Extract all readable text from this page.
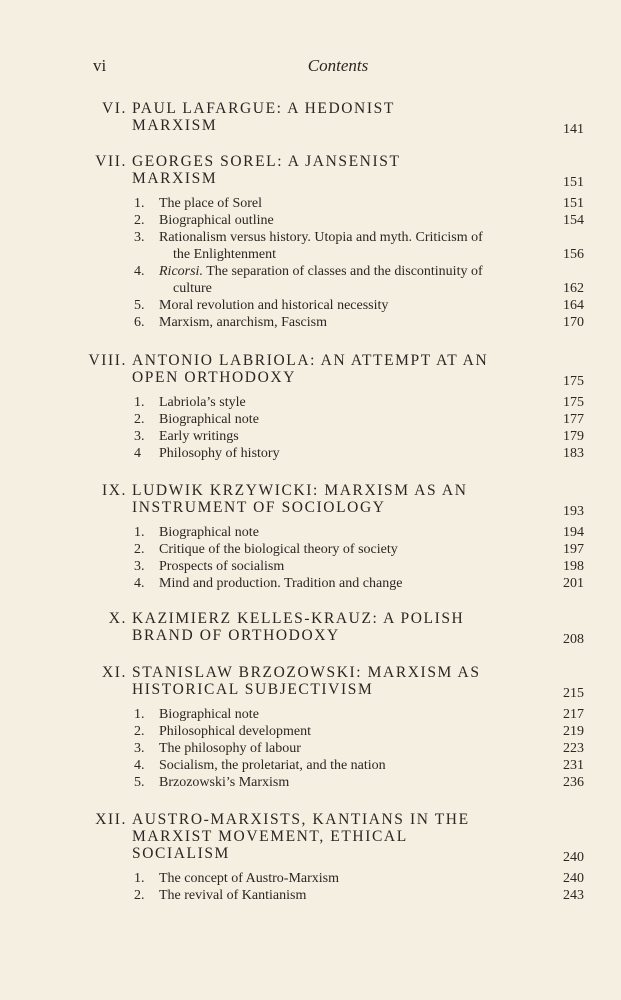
vi	Contents
VI. PAUL LAFARGUE: A HEDONIST
MARXISM	141
VII. GEORGES SOREL: A JANSENIST
MARXISM	151
1.	The place of Sorel	151
2.	Biographical outline	154
3.	Rationalism versus history. Utopia and myth. Criticism of
the Enlightenment	156
4.	Ricorsi. The separation of classes and the discontinuity of
culture	162
5.	Moral revolution and historical necessity	164
6.	Marxism, anarchism, Fascism	170
VIII. ANTONIO LABRIOLA: AN ATTEMPT AT AN
OPEN ORTHODOXY	175
1.	Labriola’s style	175
2.	Biographical note	177
3.	Early writings	179
4	Philosophy of history	183
IX. LUDWIK KRZYWICKI: MARXISM AS AN
INSTRUMENT OF SOCIOLOGY	193
1.	Biographical note	194
2.	Critique of the biological theory of society	197
3.	Prospects of socialism	198
4.	Mind and production. Tradition and change	201
X. KAZIMIERZ KELLES-KRAUZ: A POLISH
BRAND OF ORTHODOXY	208
XI. STANISLAW BRZOZOWSKI: MARXISM AS
HISTORICAL SUBJECTIVISM	215
1.	Biographical note	217
2.	Philosophical development	219
3.	The philosophy of labour	223
4.	Socialism, the proletariat, and the nation	231
5.	Brzozowski’s Marxism	236
XII. AUSTRO-MARXISTS, KANTIANS IN THE
MARXIST MOVEMENT, ETHICAL
SOCIALISM	240
1.	The concept of Austro-Marxism	240
2.	The revival of Kantianism	243
